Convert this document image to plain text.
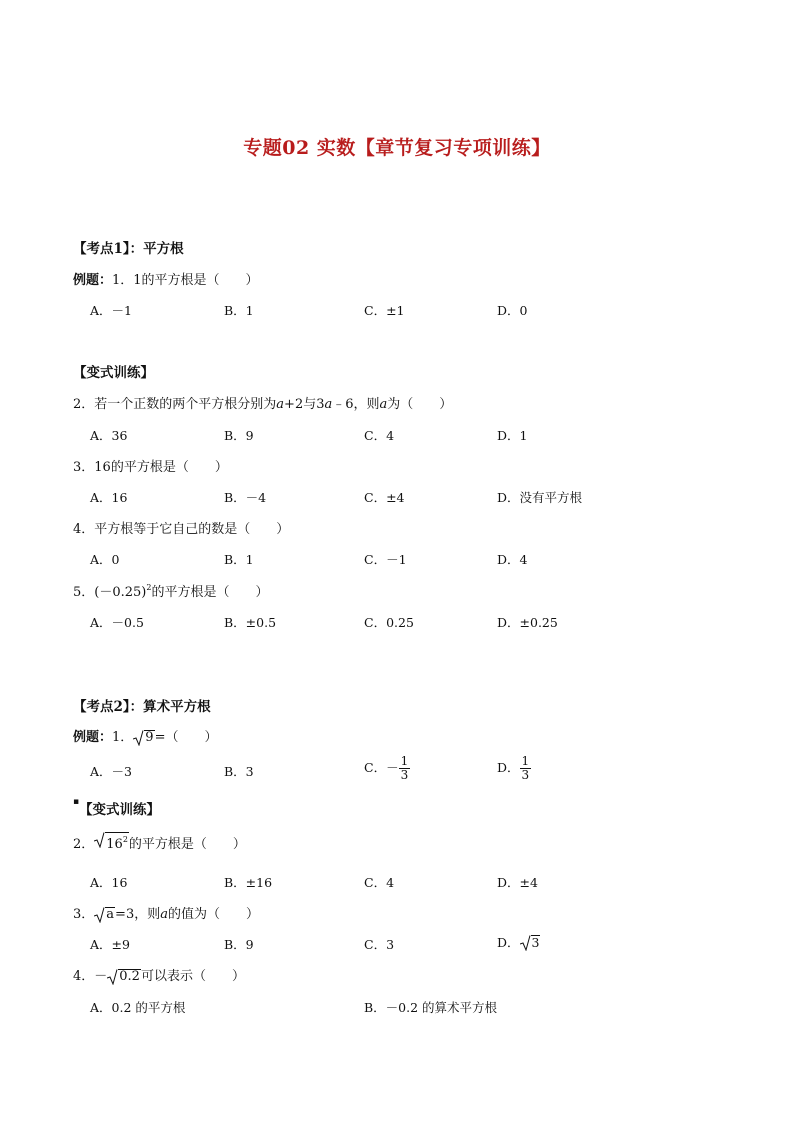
专题02 实数【章节复习专项训练】
【考点1】：平方根
例题：1．1的平方根是（　　）
A．－1	B．1	C．±1	D．0
【变式训练】
2．若一个正数的两个平方根分别为a+2与3a﹣6，则a为（　　）
A．36	B．9	C．4	D．1
3．16的平方根是（　　）
A．16	B．－4	C．±4	D．没有平方根
4．平方根等于它自己的数是（　　）
A．0	B．1	C．－1	D．4
5．$(-0.25)^2$的平方根是（　　）
A．－0.5	B．±0.5	C．0.25	D．±0.25
【考点2】：算术平方根
例题：1． 9=（　　）
A．－3	B．3	C．－ $\frac{1}{3}$	D． $\frac{1}{3}$
▪ 【变式训练】
2． $16^2$的平方根是（　　）
A．16	B．±16	C．4	D．±4
3． a=3，则a的值为（　　）
A．±9	B．9	C．3	D． 3
4．－ 0.2可以表示（　　）
A．0.2 的平方根	B．－0.2 的算术平方根
